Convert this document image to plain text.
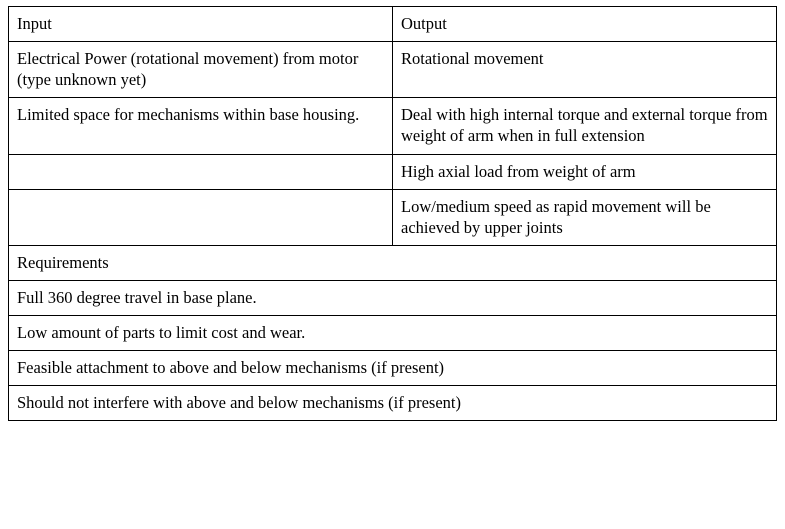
Input	Output
Electrical Power (rotational movement) from motor (type unknown yet)	Rotational movement
Limited space for mechanisms within base housing.	Deal with high internal torque and external torque from weight of arm when in full extension
	High axial load from weight of arm
	Low/medium speed as rapid movement will be achieved by upper joints
Requirements	
Full 360 degree travel in base plane.	
Low amount of parts to limit cost and wear.	
Feasible attachment to above and below mechanisms (if present)	
Should not interfere with above and below mechanisms (if present)	
